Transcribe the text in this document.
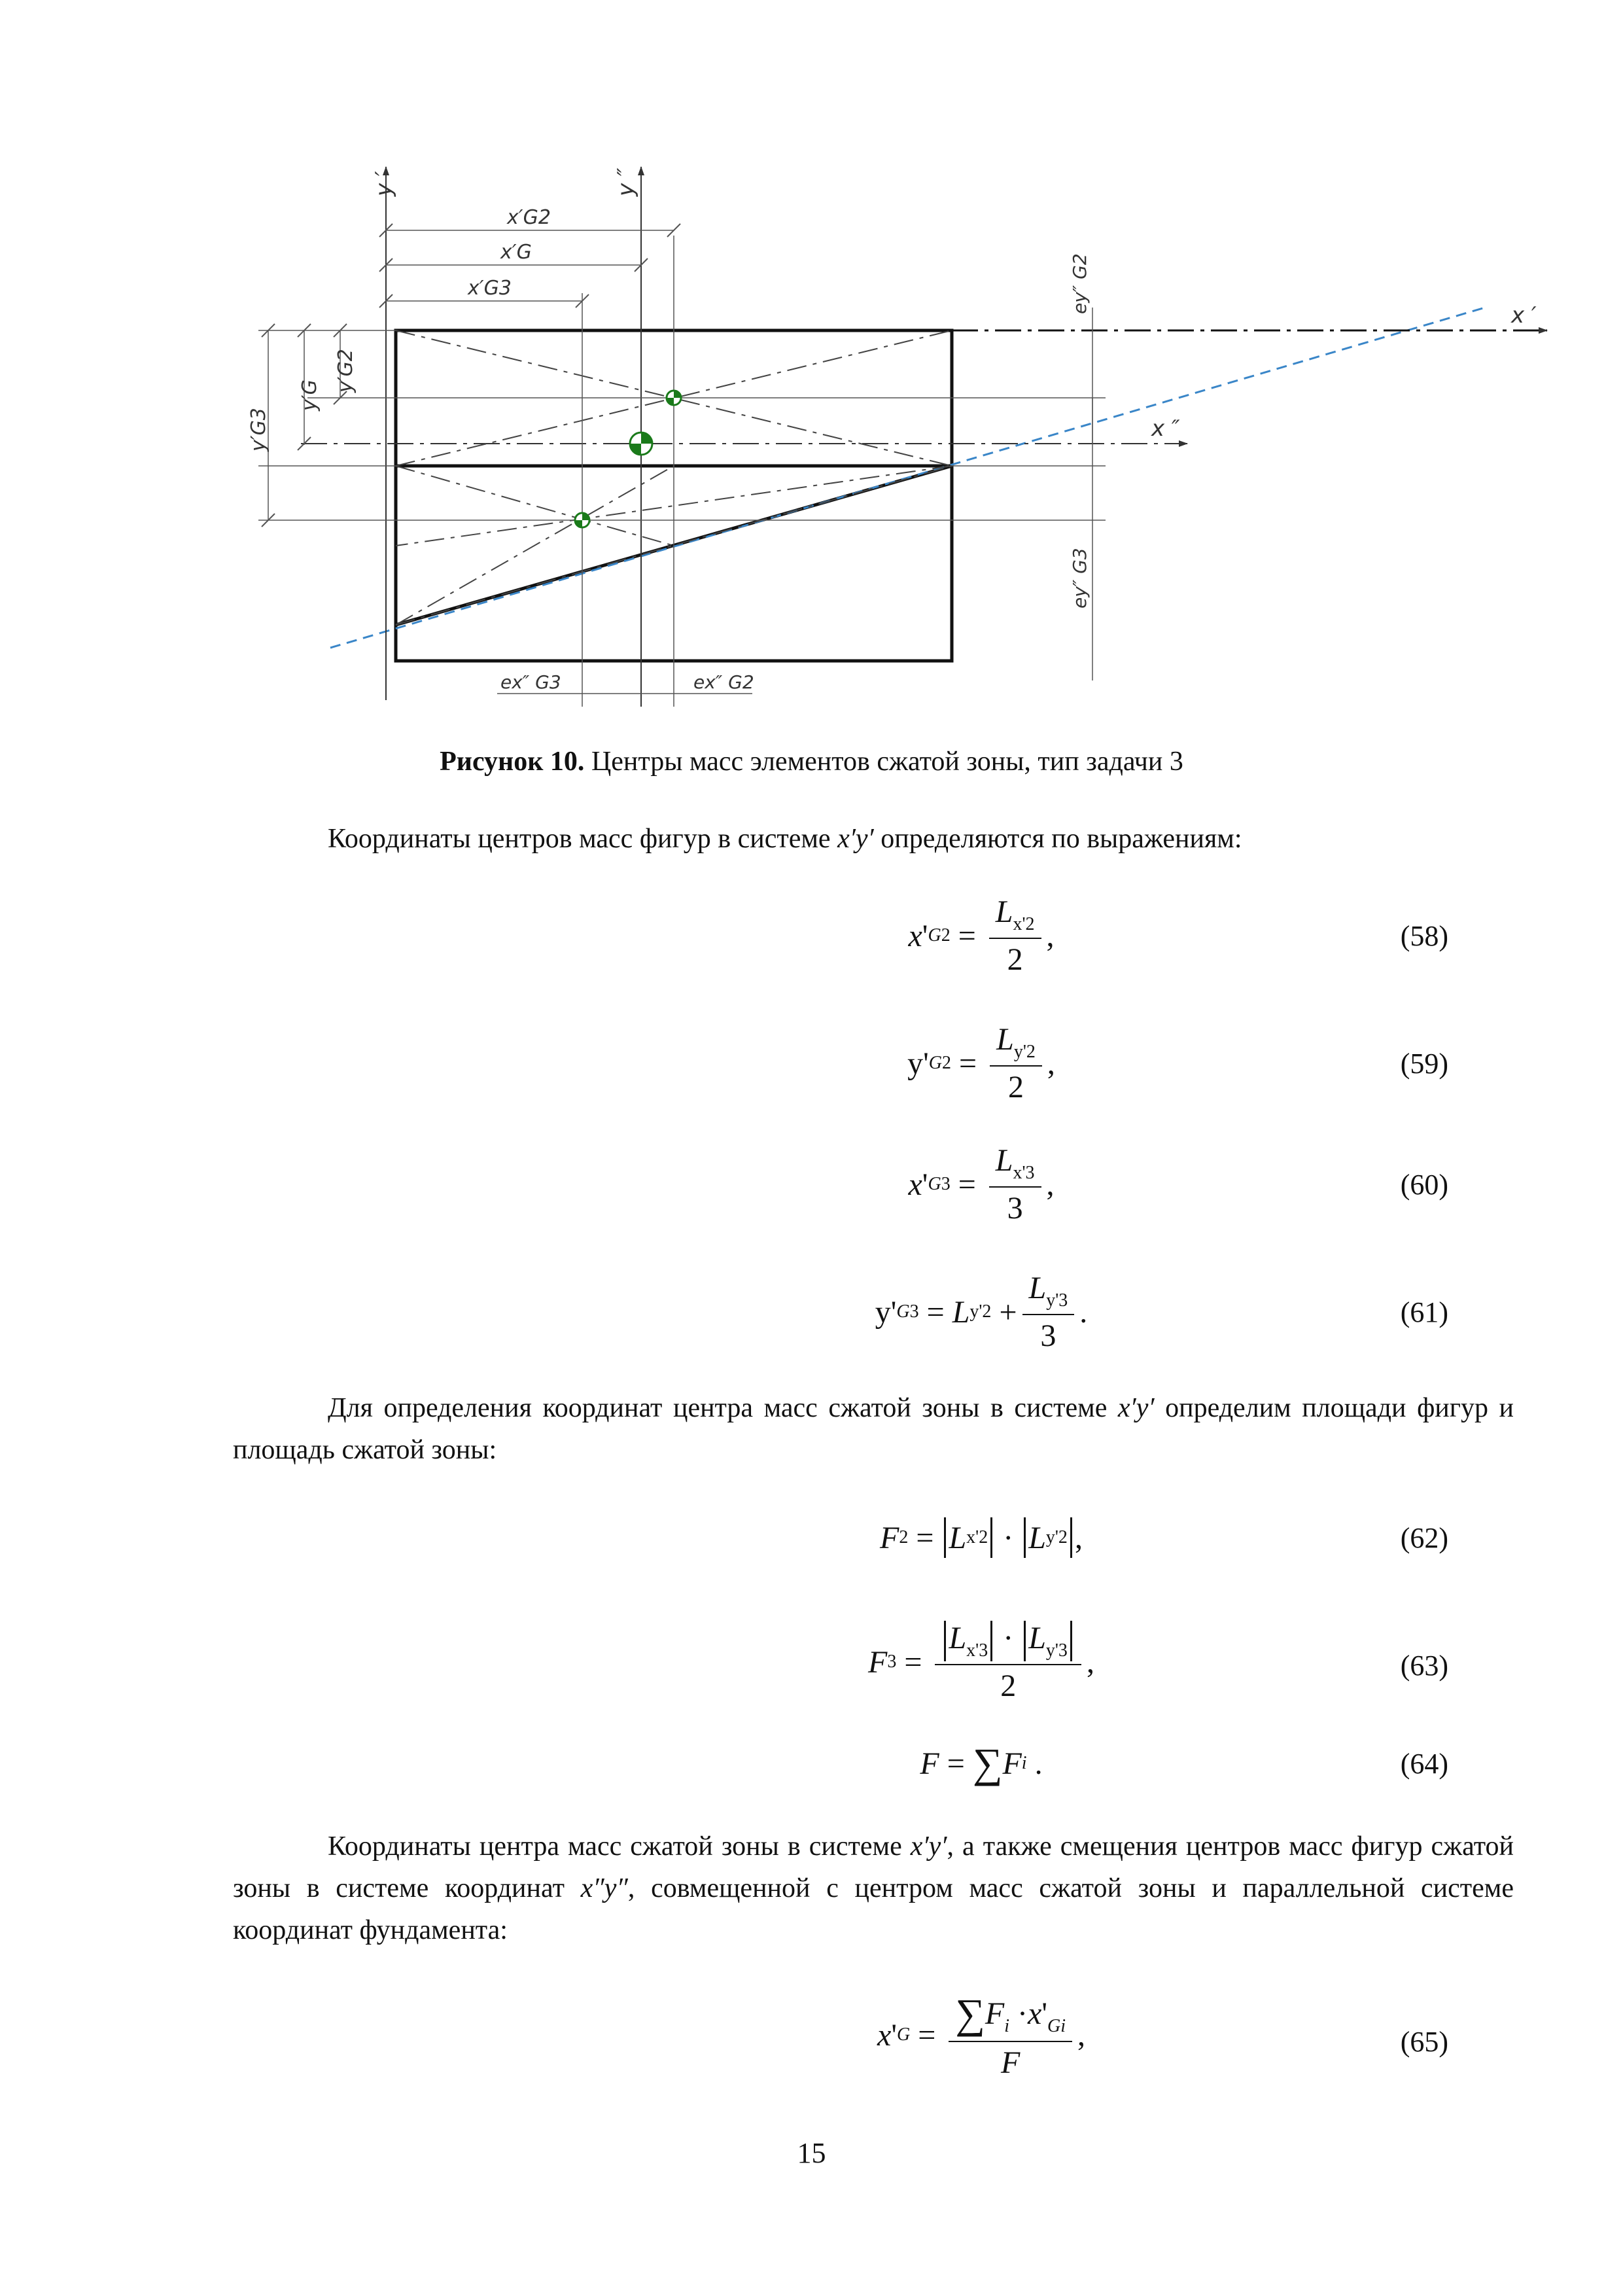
y ′	y ″
x ′
x ″
x′G2
x′G
x′G3
y′G2
y′G
y′G3
ey″ G2
ey″ G3
ex″ G3	ex″ G2
Рисунок 10. Центры масс элементов сжатой зоны, тип задачи 3
Координаты центров масс фигур в системе x′y′ определяются по выражениям:
x ' G $2 = \frac{L_{x'2}}{2}$ ,	(58)
y' G $2 = \frac{L_{y'2}}{2}$ ,	(59)
x ' G $3 = \frac{L_{x'3}}{3}$ ,	(60)
y' G 3 = L $y'2 + \frac{L_{y'3}}{3}$ .	(61)
Для определения координат центра масс сжатой зоны в системе x′y′ определим площади фигур и площадь сжатой зоны:
F 2 = L x'2 · L y'2 ,	(62)
F $3 = \frac{L_{x'3} \cdot L_{y'3}}{2}$ ,	(63)
F = ∑ F i .	(64)
Координаты центра масс сжатой зоны в системе x′y′, а также смещения центров масс фигур сжатой зоны в системе координат x″y″, совмещенной с центром масс сжатой зоны и параллельной системе координат фундамента:
x ' $G = \frac{\sum F_i \cdot x'_{Gi}}{F}$ ,	(65)
15
